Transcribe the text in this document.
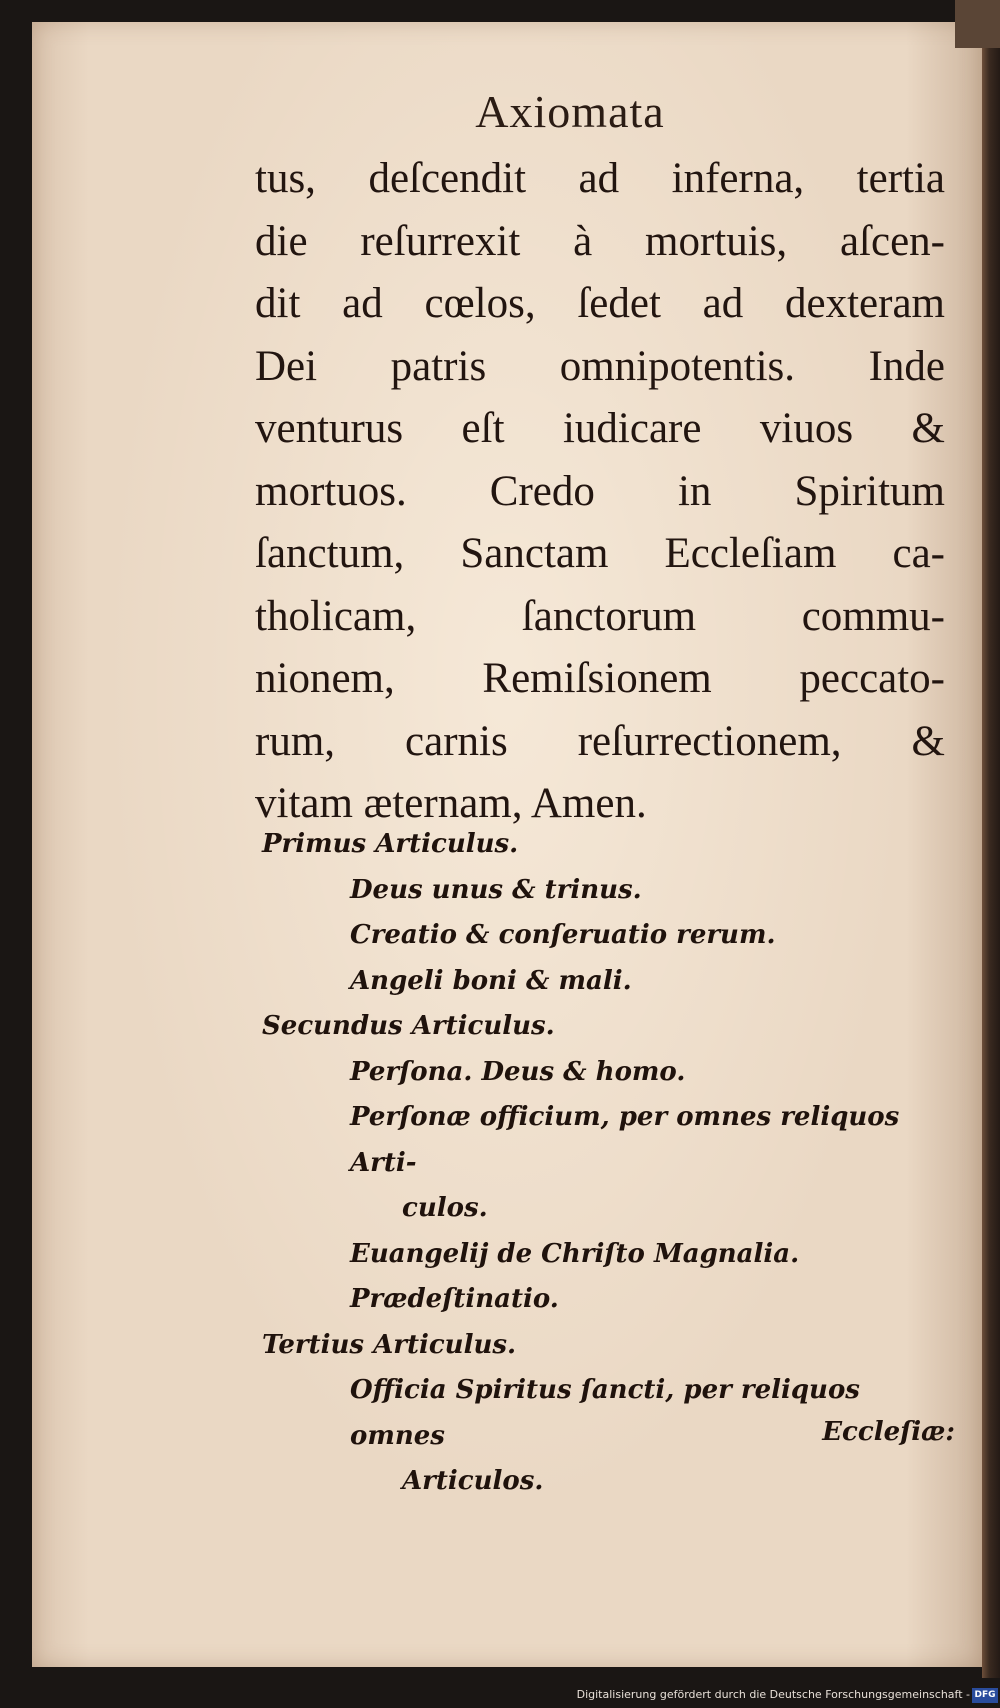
Axiomata
tus, deſcendit ad inferna, tertia
die reſurrexit à mortuis, aſcen-
dit ad cœlos, ſedet ad dexteram
Dei patris omnipotentis. Inde
venturus eſt iudicare viuos &
mortuos. Credo in Spiritum
ſanctum, Sanctam Eccleſiam ca-
tholicam, ſanctorum commu-
nionem, Remiſsionem peccato-
rum, carnis reſurrectionem, &
vitam æternam, Amen.
Primus Articulus.
Deus unus & trinus.
Creatio & conſeruatio rerum.
Angeli boni & mali.
Secundus Articulus.
Perſona. Deus & homo.
Perſonæ officium, per omnes reliquos Arti-
culos.
Euangelij de Chriſto Magnalia.
Prædeſtinatio.
Tertius Articulus.
Officia Spiritus ſancti, per reliquos omnes
Articulos.
Eccleſiæ:
Digitalisierung gefördert durch die Deutsche Forschungsgemeinschaft - DFG
